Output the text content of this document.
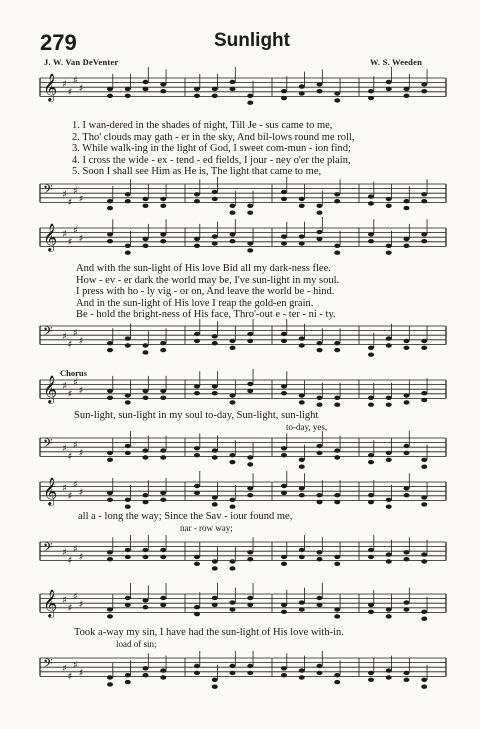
279	Sunlight
J. W. Van DeVenter	W. S. Weeden
𝄞 ♯
♯
♯
♯
1. I wan-dered in the shades of night, Till Je - sus came to me,
2. Tho' clouds may gath - er in the sky, And bil-lows round me roll,
3. While walk-ing in the light of God, I sweet com-mun - ion find;
4. I cross the wide - ex - tend - ed fields, I jour - ney o'er the plain,
5. Soon I shall see Him as He is, The light that came to me,
𝄢 ♯
♯
♯
♯
𝄞 ♯
♯
♯
♯
And with the sun-light of His love Bid all my dark-ness flee.
How - ev - er dark the world may be, I've sun-light in my soul.
I press with ho - ly vig - or on, And leave the world be - hind.
And in the sun-light of His love I reap the gold-en grain.
Be - hold the bright-ness of His face, Thro'-out e - ter - ni - ty.
𝄢 ♯
♯
♯
♯
Chorus
𝄞 ♯
♯
♯
♯
Sun-light, sun-light in my soul to-day, Sun-light, sun-light
to-day, yes,
𝄢 ♯
♯
♯
♯
𝄞 ♯
♯
♯
♯
all a - long the way; Since the Sav - iour found me,
nar - row way;
𝄢 ♯
♯
♯
♯
𝄞 ♯
♯
♯
♯
Took a-way my sin, I have had the sun-light of His love with-in.
load of sin;
𝄢 ♯
♯
♯
♯
